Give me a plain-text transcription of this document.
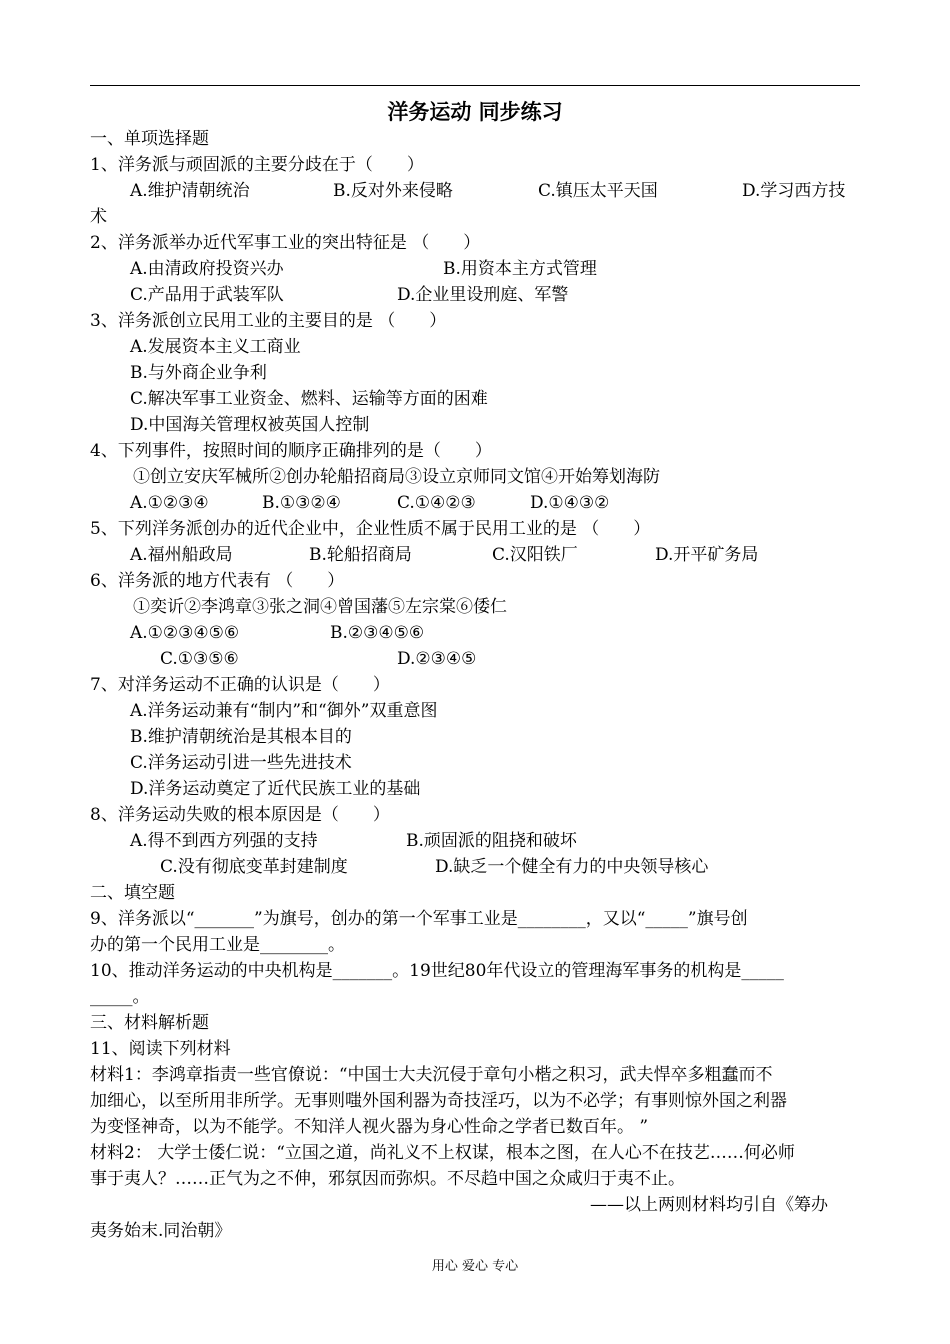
洋务运动 同步练习
一、单项选择题
1、洋务派与顽固派的主要分歧在于（　　）
A.维护清朝统治	B.反对外来侵略	C.镇压太平天国	D.学习西方技
术
2、洋务派举办近代军事工业的突出特征是 （　　）
A.由清政府投资兴办	B.用资本主方式管理
C.产品用于武装军队	D.企业里设刑庭、军警
3、洋务派创立民用工业的主要目的是 （　　）
A.发展资本主义工商业
B.与外商企业争利
C.解决军事工业资金、燃料、运输等方面的困难
D.中国海关管理权被英国人控制
4、下列事件，按照时间的顺序正确排列的是（　　）
①创立安庆军械所②创办轮船招商局③设立京师同文馆④开始筹划海防
A.①②③④	B.①③②④	C.①④②③	D.①④③②
5、下列洋务派创办的近代企业中，企业性质不属于民用工业的是 （　　）
A.福州船政局	B.轮船招商局	C.汉阳铁厂	D.开平矿务局
6、洋务派的地方代表有 （　　）
①奕䜣②李鸿章③张之洞④曾国藩⑤左宗棠⑥倭仁
A.①②③④⑤⑥	B.②③④⑤⑥
C.①③⑤⑥	D.②③④⑤
7、对洋务运动不正确的认识是（　　）
A.洋务运动兼有“制内”和“御外”双重意图
B.维护清朝统治是其根本目的
C.洋务运动引进一些先进技术
D.洋务运动奠定了近代民族工业的基础
8、洋务运动失败的根本原因是（　　）
A.得不到西方列强的支持	B.顽固派的阻挠和破坏
C.没有彻底变革封建制度	D.缺乏一个健全有力的中央领导核心
二、填空题
9、洋务派以“_______”为旗号，创办的第一个军事工业是________，又以“_____”旗号创
办的第一个民用工业是________。
10、推动洋务运动的中央机构是_______。19世纪80年代设立的管理海军事务的机构是_____
_____。
三、材料解析题
11、阅读下列材料
材料1：李鸿章指责一些官僚说：“中国士大夫沉侵于章句小楷之积习，武夫悍卒多粗蠢而不
加细心，以至所用非所学。无事则嗤外国利器为奇技淫巧，以为不必学；有事则惊外国之利器
为变怪神奇，以为不能学。不知洋人视火器为身心性命之学者已数百年。 ”
材料2： 大学士倭仁说：“立国之道，尚礼义不上权谋，根本之图，在人心不在技艺……何必师
事于夷人？……正气为之不伸，邪氛因而弥炽。不尽趋中国之众咸归于夷不止。
——以上两则材料均引自《筹办
夷务始末.同治朝》
用心 爱心 专心
